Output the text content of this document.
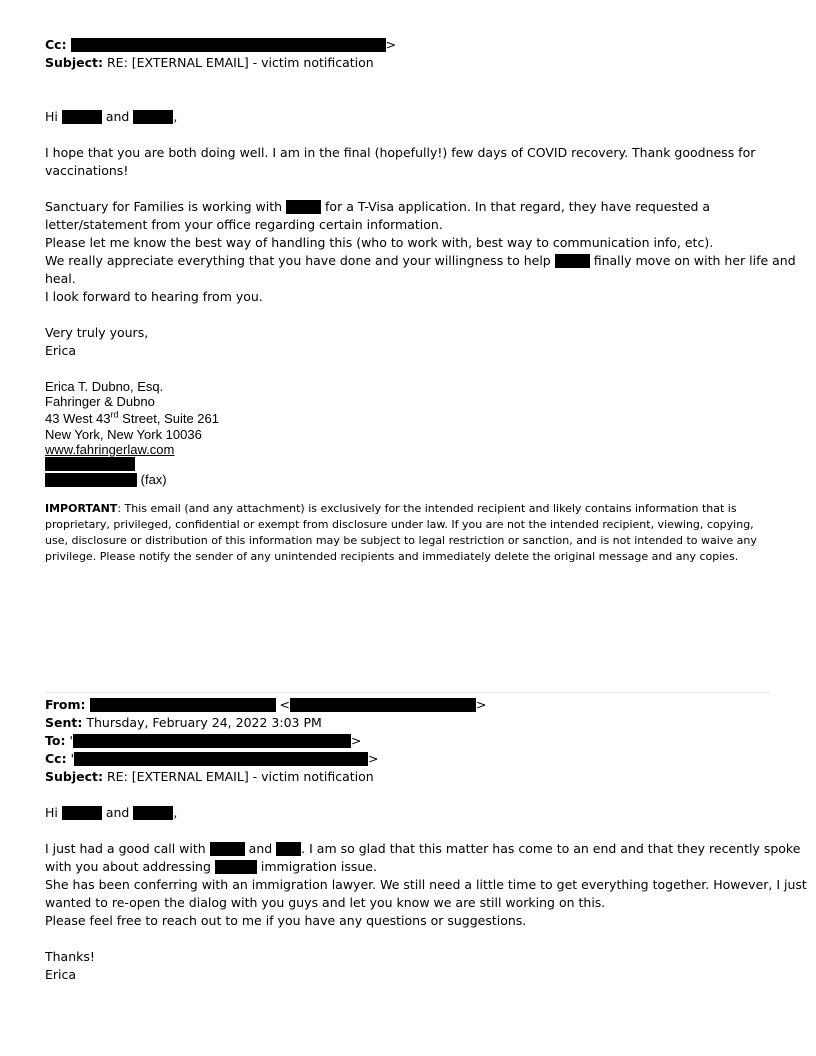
Cc:	>
Subject: RE: [EXTERNAL EMAIL] - victim notification
Hi	and	,
I hope that you are both doing well. I am in the final (hopefully!) few days of COVID recovery. Thank goodness for
vaccinations!
Sanctuary for Families is working with	for a T-Visa application. In that regard, they have requested a
letter/statement from your office regarding certain information.
Please let me know the best way of handling this (who to work with, best way to communication info, etc).
We really appreciate everything that you have done and your willingness to help	finally move on with her life and
heal.
I look forward to hearing from you.
Very truly yours,
Erica
Erica T. Dubno, Esq.
Fahringer & Dubno
43 West 43rd Street, Suite 261
New York, New York 10036
www.fahringerlaw.com
(fax)
IMPORTANT: This email (and any attachment) is exclusively for the intended recipient and likely contains information that is proprietary, privileged, confidential or exempt from disclosure under law. If you are not the intended recipient, viewing, copying, use, disclosure or distribution of this information may be subject to legal restriction or sanction, and is not intended to waive any privilege. Please notify the sender of any unintended recipients and immediately delete the original message and any copies.
From:	<	>
Sent: Thursday, February 24, 2022 3:03 PM
To: '	>
Cc: '	>
Subject: RE: [EXTERNAL EMAIL] - victim notification
Hi	and	,
I just had a good call with	and . I am so glad that this matter has come to an end and that they recently spoke
with you about addressing	immigration issue.
She has been conferring with an immigration lawyer. We still need a little time to get everything together. However, I just
wanted to re-open the dialog with you guys and let you know we are still working on this.
Please feel free to reach out to me if you have any questions or suggestions.
Thanks!
Erica
